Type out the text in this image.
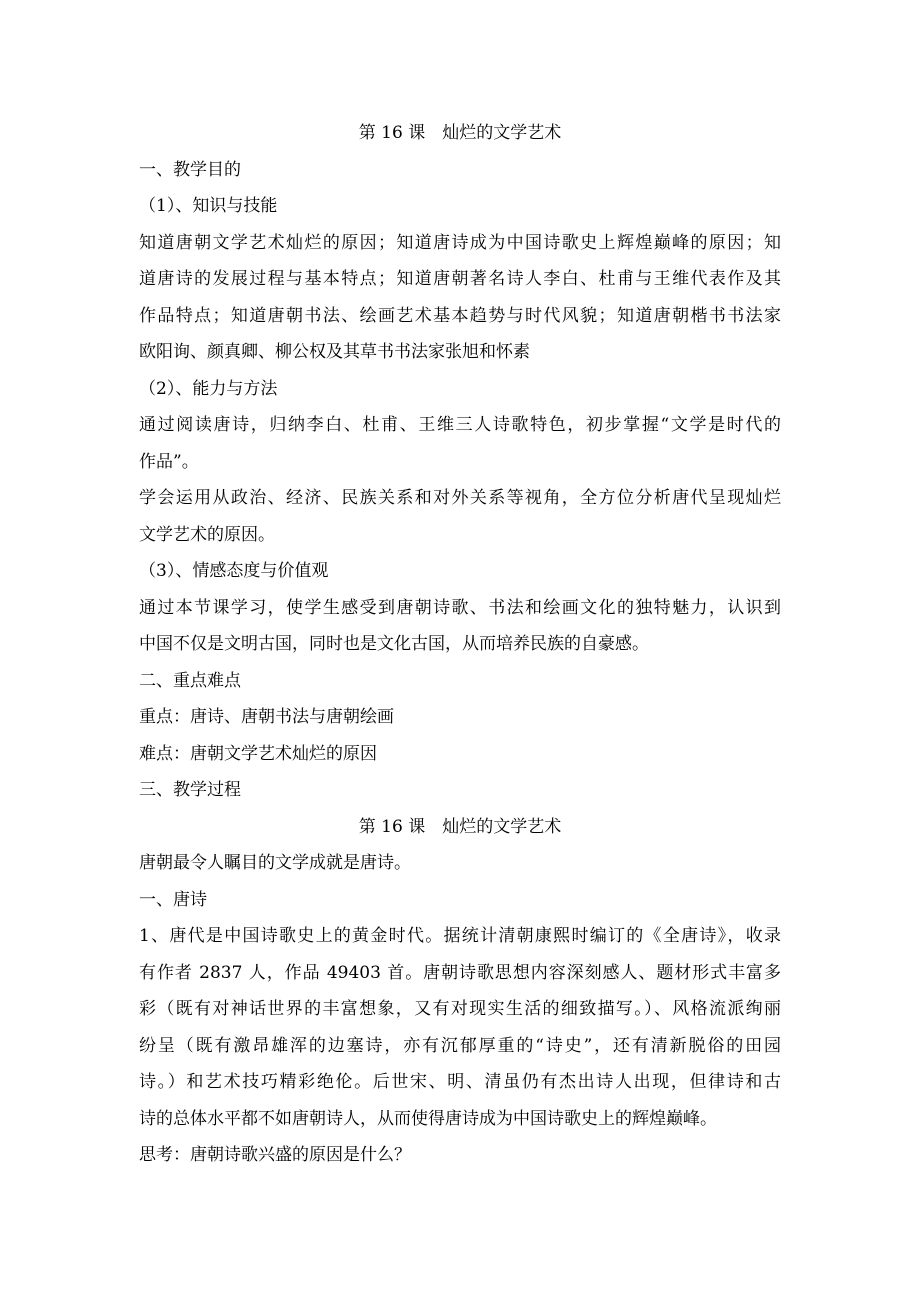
第 16 课　灿烂的文学艺术

一、教学目的

（1）、知识与技能

知道唐朝文学艺术灿烂的原因；知道唐诗成为中国诗歌史上辉煌巅峰的原因；知

道唐诗的发展过程与基本特点；知道唐朝著名诗人李白、杜甫与王维代表作及其

作品特点；知道唐朝书法、绘画艺术基本趋势与时代风貌；知道唐朝楷书书法家

欧阳询、颜真卿、柳公权及其草书书法家张旭和怀素

（2）、能力与方法

通过阅读唐诗，归纳李白、杜甫、王维三人诗歌特色，初步掌握“文学是时代的

作品”。

学会运用从政治、经济、民族关系和对外关系等视角，全方位分析唐代呈现灿烂

文学艺术的原因。

（3）、情感态度与价值观

通过本节课学习，使学生感受到唐朝诗歌、书法和绘画文化的独特魅力，认识到

中国不仅是文明古国，同时也是文化古国，从而培养民族的自豪感。

二、重点难点

重点：唐诗、唐朝书法与唐朝绘画

难点：唐朝文学艺术灿烂的原因

三、教学过程

第 16 课　灿烂的文学艺术

唐朝最令人瞩目的文学成就是唐诗。

一、唐诗

1、唐代是中国诗歌史上的黄金时代。据统计清朝康熙时编订的《全唐诗》，收录

有作者 2837 人，作品 49403 首。唐朝诗歌思想内容深刻感人、题材形式丰富多

彩（既有对神话世界的丰富想象，又有对现实生活的细致描写。）、风格流派绚丽

纷呈（既有激昂雄浑的边塞诗，亦有沉郁厚重的“诗史”，还有清新脱俗的田园

诗。）和艺术技巧精彩绝伦。后世宋、明、清虽仍有杰出诗人出现，但律诗和古

诗的总体水平都不如唐朝诗人，从而使得唐诗成为中国诗歌史上的辉煌巅峰。

思考：唐朝诗歌兴盛的原因是什么？
